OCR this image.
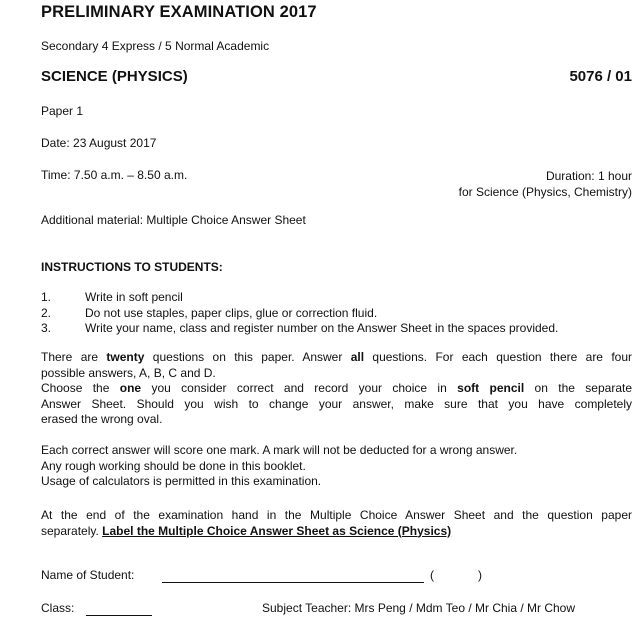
PRELIMINARY EXAMINATION 2017
Secondary 4 Express / 5 Normal Academic
SCIENCE (PHYSICS)	5076 / 01
Paper 1
Date: 23 August 2017
Time: 7.50 a.m. – 8.50 a.m.	Duration: 1 hour
for Science (Physics, Chemistry)
Additional material: Multiple Choice Answer Sheet
INSTRUCTIONS TO STUDENTS:
1.	Write in soft pencil
2.	Do not use staples, paper clips, glue or correction fluid.
3.	Write your name, class and register number on the Answer Sheet in the spaces provided.
There are twenty questions on this paper. Answer all questions. For each question there are four
possible answers, A, B, C and D.
Choose the one you consider correct and record your choice in soft pencil on the separate
Answer Sheet. Should you wish to change your answer, make sure that you have completely
erased the wrong oval.
Each correct answer will score one mark. A mark will not be deducted for a wrong answer.
Any rough working should be done in this booklet.
Usage of calculators is permitted in this examination.
At the end of the examination hand in the Multiple Choice Answer Sheet and the question paper
separately. Label the Multiple Choice Answer Sheet as Science (Physics)
Name of Student:	(	)
Class:	Subject Teacher: Mrs Peng / Mdm Teo / Mr Chia / Mr Chow
